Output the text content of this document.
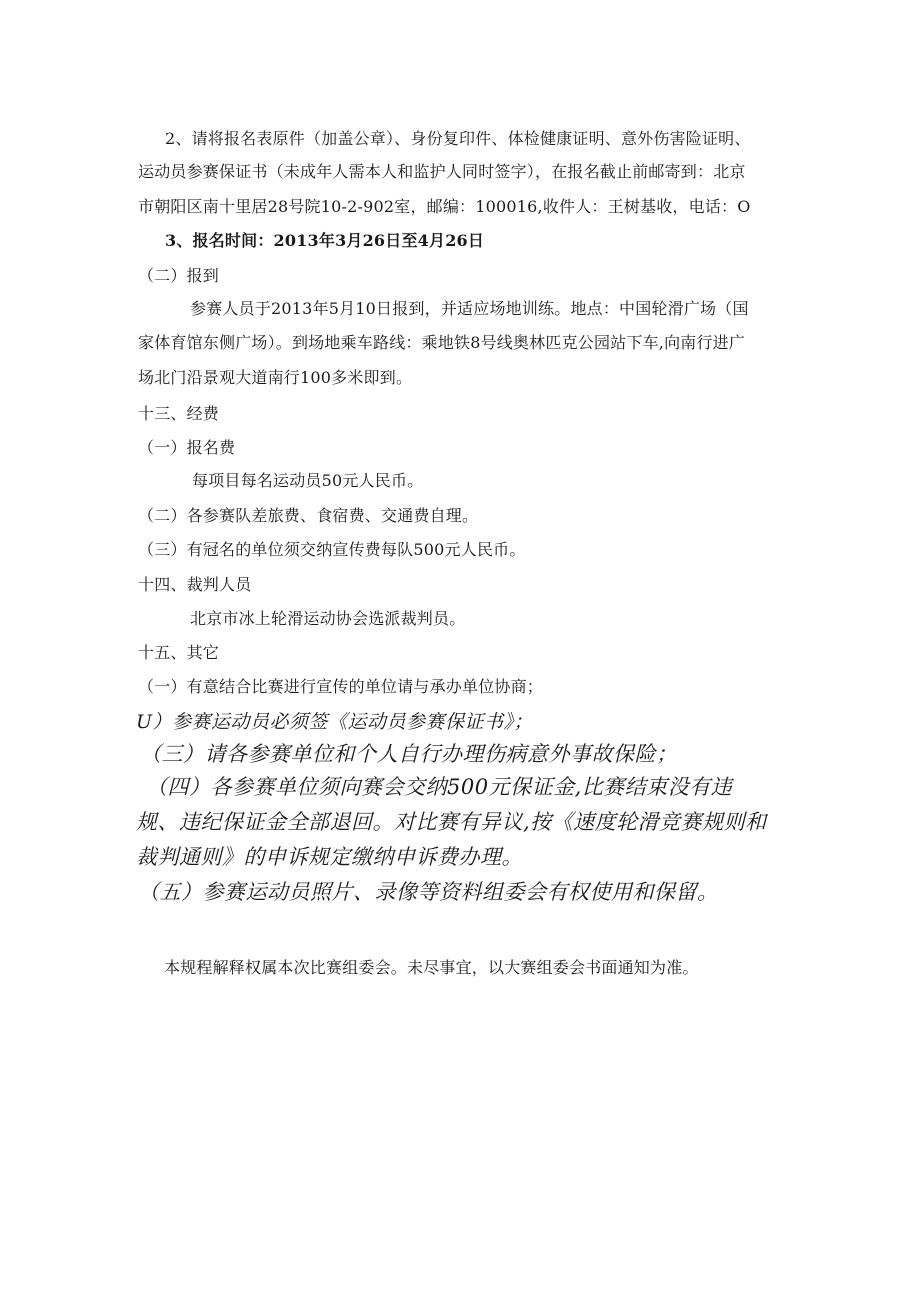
2、请将报名表原件（加盖公章）、身份复印件、体检健康证明、意外伤害险证明、
运动员参赛保证书（未成年人需本人和监护人同时签字），在报名截止前邮寄到：北京
市朝阳区南十里居28号院10-2-902室，邮编：100016,收件人：王树基收，电话：O
3、报名时间：2013年3月26日至4月26日
（二）报到
参赛人员于2013年5月10日报到，并适应场地训练。地点：中国轮滑广场（国
家体育馆东侧广场）。到场地乘车路线：乘地铁8号线奥林匹克公园站下车,向南行进广
场北门沿景观大道南行100多米即到。
十三、经费
（一）报名费
每项目每名运动员50元人民币。
（二）各参赛队差旅费、食宿费、交通费自理。
（三）有冠名的单位须交纳宣传费每队500元人民币。
十四、裁判人员
北京市冰上轮滑运动协会选派裁判员。
十五、其它
（一）有意结合比赛进行宣传的单位请与承办单位协商；
U）参赛运动员必须签《运动员参赛保证书》；
（三）请各参赛单位和个人自行办理伤病意外事故保险；
（四）各参赛单位须向赛会交纳500元保证金,比赛结束没有违
规、违纪保证金全部退回。对比赛有异议,按《速度轮滑竞赛规则和
裁判通则》的申诉规定缴纳申诉费办理。
（五）参赛运动员照片、录像等资料组委会有权使用和保留。
本规程解释权属本次比赛组委会。未尽事宜，以大赛组委会书面通知为准。
